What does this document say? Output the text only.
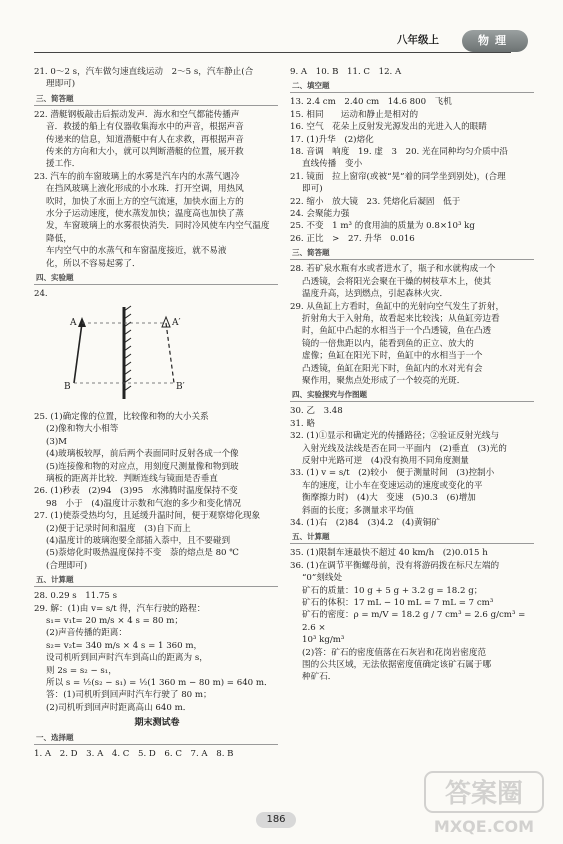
八年级上	物理

21. 0～2 s，汽车做匀速直线运动　2～5 s，汽车静止(合

理即可)

三、简答题

22. 潜艇钢板敲击后振动发声．海水和空气都能传播声

音．救援的船上有仪器收集海水中的声音，根据声音

传递来的信息，知道潜艇中有人在求救，再根据声音

传来的方向和大小，就可以判断潜艇的位置，展开救

援工作．

23. 汽车的前车窗玻璃上的水雾是汽车内的水蒸气遇冷

在挡风玻璃上液化形成的小水珠．打开空调，用热风

吹时，加快了水面上方的空气流速，加快水面上方的

水分子运动速度，使水蒸发加快；温度高也加快了蒸

发，车窗玻璃上的水雾很快消失．同时冷风使车内空气温度降低，

车内空气中的水蒸气和车窗温度接近，就不易液

化，所以不容易起雾了．

四、实验题

24.

A
B
A′
B′

25. (1)确定像的位置，比较像和物的大小关系

(2)像和物大小相等

(3)M

(4)玻璃板较厚，前后两个表面同时反射各成一个像

(5)连接像和物的对应点，用刻度尺测量像和物到玻

璃板的距离并比较．判断连线与镜面是否垂直

26. (1)秒表　(2)94　(3)95　水沸腾时温度保持不变

98　小于　(4)温度计示数和气泡的多少和变化情况

27. (1)使萘受热均匀，且延缓升温时间，便于观察熔化现象

(2)便于记录时间和温度　(3)自下而上

(4)温度计的玻璃泡要全部插入萘中，且不要碰到

(5)萘熔化时吸热温度保持不变　萘的熔点是 80 ℃

(合理即可)

五、计算题

28. 0.29 s　11.75 s

29. 解：(1)由 v= s/t 得，汽车行驶的路程：

s₁= v₁t= 20 m/s × 4 s = 80 m；

(2)声音传播的距离：

s₂= v₂t= 340 m/s × 4 s = 1 360 m，

设司机听到回声时汽车到高山的距离为 s，

则 2s = s₂ − s₁，

所以 s = ½(s₂ − s₁) = ½(1 360 m − 80 m) = 640 m．

答：(1)司机听到回声时汽车行驶了 80 m；

(2)司机听到回声时距离高山 640 m．

期末测试卷
一、选择题

1. A　2. D　3. A　4. C　5. D　6. C　7. A　8. B

9. A　10. B　11. C　12. A

二、填空题

13. 2.4 cm　2.40 cm　14.6 800　飞机

15. 相同　　运动和静止是相对的

16. 空气　花朵上反射发光源发出的光进入人的眼睛

17. (1)升华　(2)熔化

18. 音调　响度　19. 虚　3　20. 光在同种均匀介质中沿

直线传播　变小

21. 镜面　拉上窗帘(或被“晃”着的同学坐到别处)，(合理

即可)

22. 缩小　放大镜　23. 凭熔化后凝固　低于

24. 会聚能力强

25. 不变　1 m³ 的食用油的质量为 0.8×10³ kg

26. 正比　>　27. 升华　0.016

三、简答题

28. 若矿泉水瓶有水或者进水了，瓶子和水就构成一个

凸透镜，会将阳光会聚在干燥的树枝草木上，使其

温度升高，达到燃点，引起森林火灾．

29. 从鱼缸上方看时，鱼缸中的光射向空气发生了折射，

折射角大于入射角，故看起来比较浅；从鱼缸旁边看

时，鱼缸中凸起的水相当于一个凸透镜，鱼在凸透

镜的一倍焦距以内，能看到鱼的正立、放大的

虚像；鱼缸在阳光下时，鱼缸中的水相当于一个

凸透镜，鱼缸在阳光下时，鱼缸内的水对光有会

聚作用，聚焦点处形成了一个较亮的光斑．

四、实验探究与作图题

30. 乙　3.48

31. 略

32. (1)①显示和确定光的传播路径；②验证反射光线与

入射光线及法线是否在同一平面内　(2)垂直　(3)光的

反射中光路可逆　(4)没有换用不同角度测量

33. (1) v = s/t　(2)较小　便于测量时间　(3)控制小

车的速度，让小车在变速运动的速度或变化的平

衡摩擦力时)　(4)大　变速　(5)0.3　(6)增加

斜面的长度；多测量求平均值

34. (1)右　(2)84　(3)4.2　(4)黄铜矿

五、计算题

35. (1)限制车速最快不超过 40 km/h　(2)0.015 h

36. (1)在调节平衡螺母前，没有将游码拨在标尺左端的

“0”刻线处

矿石的质量：10 g + 5 g + 3.2 g = 18.2 g；

矿石的体积：17 mL − 10 mL = 7 mL = 7 cm³

矿石的密度：ρ = m/V = 18.2 g / 7 cm³ = 2.6 g/cm³ = 2.6 ×

10³ kg/m³

(2)答：矿石的密度值落在石灰岩和花岗岩密度范

围的公共区域，无法依据密度值确定该矿石属于哪

种矿石．

186
答案圈
MXQE.COM
